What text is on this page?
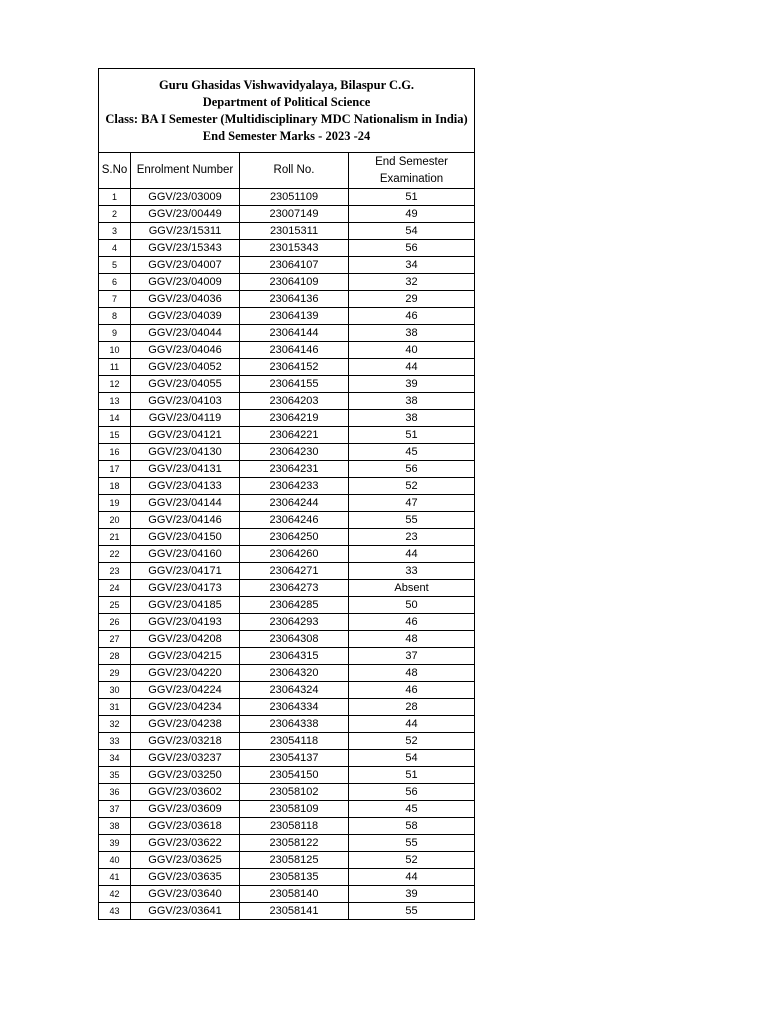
Guru Ghasidas Vishwavidyalaya, Bilaspur C.G.
Department of Political Science
Class: BA I Semester (Multidisciplinary MDC Nationalism in India)
End Semester Marks - 2023 -24			

S.No	Enrolment Number	Roll No.	End Semester Examination
1	GGV/23/03009	23051109	51
2	GGV/23/00449	23007149	49
3	GGV/23/15311	23015311	54
4	GGV/23/15343	23015343	56
5	GGV/23/04007	23064107	34
6	GGV/23/04009	23064109	32
7	GGV/23/04036	23064136	29
8	GGV/23/04039	23064139	46
9	GGV/23/04044	23064144	38
10	GGV/23/04046	23064146	40
11	GGV/23/04052	23064152	44
12	GGV/23/04055	23064155	39
13	GGV/23/04103	23064203	38
14	GGV/23/04119	23064219	38
15	GGV/23/04121	23064221	51
16	GGV/23/04130	23064230	45
17	GGV/23/04131	23064231	56
18	GGV/23/04133	23064233	52
19	GGV/23/04144	23064244	47
20	GGV/23/04146	23064246	55
21	GGV/23/04150	23064250	23
22	GGV/23/04160	23064260	44
23	GGV/23/04171	23064271	33
24	GGV/23/04173	23064273	Absent
25	GGV/23/04185	23064285	50
26	GGV/23/04193	23064293	46
27	GGV/23/04208	23064308	48
28	GGV/23/04215	23064315	37
29	GGV/23/04220	23064320	48
30	GGV/23/04224	23064324	46
31	GGV/23/04234	23064334	28
32	GGV/23/04238	23064338	44
33	GGV/23/03218	23054118	52
34	GGV/23/03237	23054137	54
35	GGV/23/03250	23054150	51
36	GGV/23/03602	23058102	56
37	GGV/23/03609	23058109	45
38	GGV/23/03618	23058118	58
39	GGV/23/03622	23058122	55
40	GGV/23/03625	23058125	52
41	GGV/23/03635	23058135	44
42	GGV/23/03640	23058140	39
43	GGV/23/03641	23058141	55
